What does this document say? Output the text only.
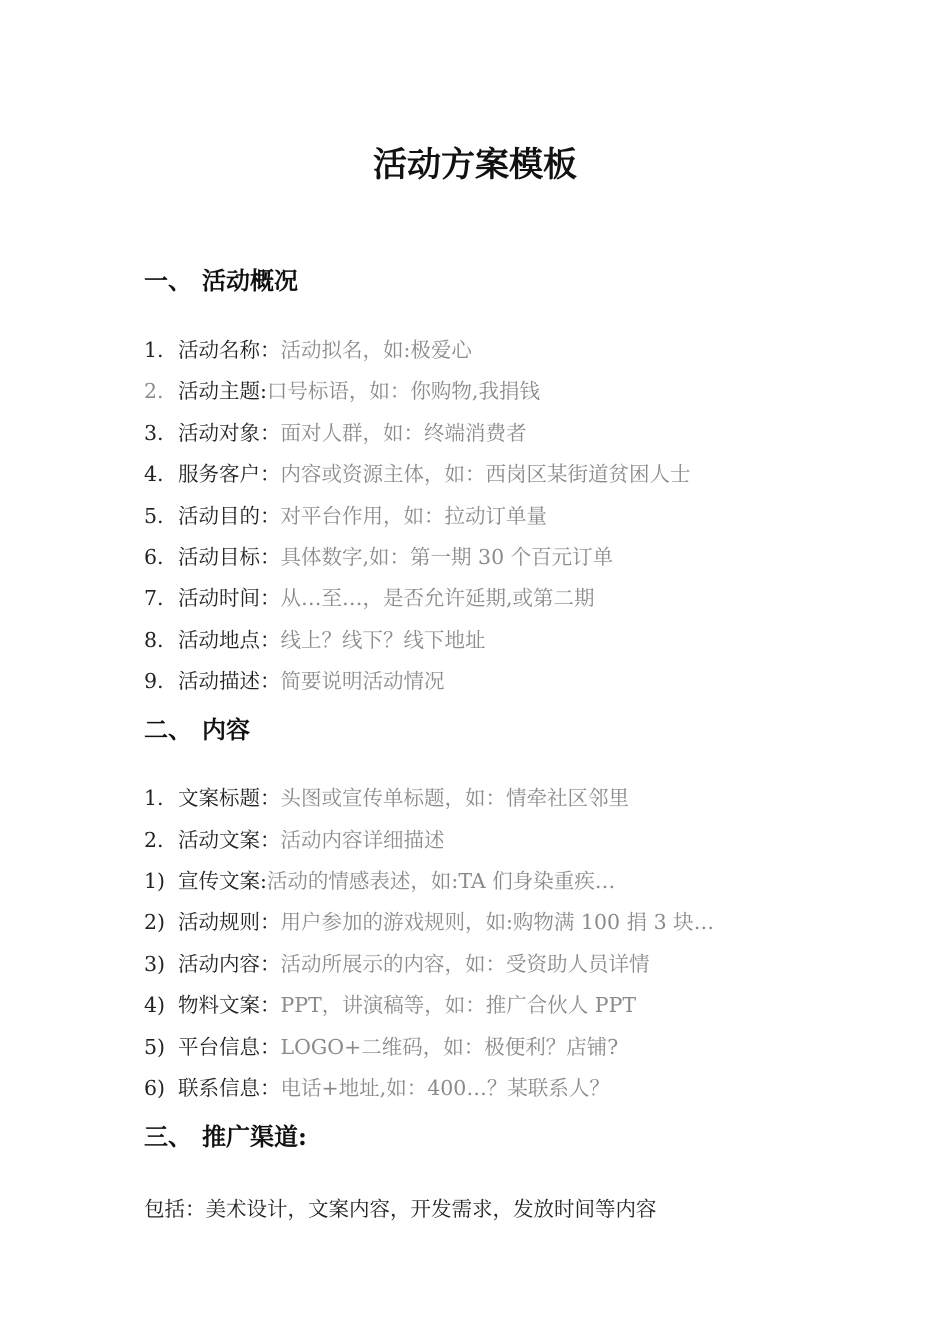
活动方案模板
一、 活动概况
1. 活动名称：活动拟名，如:极爱心
2. 活动主题:口号标语，如：你购物,我捐钱
3. 活动对象：面对人群，如：终端消费者
4. 服务客户：内容或资源主体，如：西岗区某街道贫困人士
5. 活动目的：对平台作用，如：拉动订单量
6. 活动目标：具体数字,如：第一期 30 个百元订单
7. 活动时间：从…至…，是否允许延期,或第二期
8. 活动地点：线上？线下？线下地址
9. 活动描述：简要说明活动情况
二、 内容
1. 文案标题：头图或宣传单标题，如：情牵社区邻里
2. 活动文案：活动内容详细描述
1) 宣传文案:活动的情感表述，如:TA 们身染重疾…
2) 活动规则：用户参加的游戏规则，如:购物满 100 捐 3 块…
3) 活动内容：活动所展示的内容，如：受资助人员详情
4) 物料文案：PPT，讲演稿等，如：推广合伙人 PPT
5) 平台信息：LOGO+二维码，如：极便利？店铺?
6) 联系信息：电话+地址,如：400…？某联系人？
三、 推广渠道:
包括：美术设计，文案内容，开发需求，发放时间等内容
